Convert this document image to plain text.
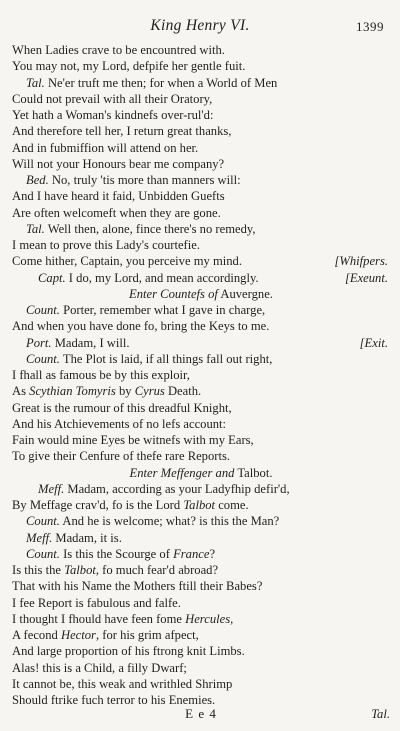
King Henry VI.	1399
When Ladies crave to be encountred with.
You may not, my Lord, defpife her gentle fuit.
Tal. Ne'er truft me then; for when a World of Men
Could not prevail with all their Oratory,
Yet hath a Woman's kindnefs over-rul'd:
And therefore tell her, I return great thanks,
And in fubmiffion will attend on her.
Will not your Honours bear me company?
Bed. No, truly 'tis more than manners will:
And I have heard it faid, Unbidden Guefts
Are often welcomeft when they are gone.
Tal. Well then, alone, fince there's no remedy,
I mean to prove this Lady's courtefie.
Come hither, Captain, you perceive my mind.	[Whifpers.
Capt. I do, my Lord, and mean accordingly.	[Exeunt.
Enter Countefs of Auvergne.
Count. Porter, remember what I gave in charge,
And when you have done fo, bring the Keys to me.
Port. Madam, I will.	[Exit.
Count. The Plot is laid, if all things fall out right,
I fhall as famous be by this exploir,
As Scythian Tomyris by Cyrus Death.
Great is the rumour of this dreadful Knight,
And his Atchievements of no lefs account:
Fain would mine Eyes be witnefs with my Ears,
To give their Cenfure of thefe rare Reports.
Enter Meffenger and Talbot.
Meff. Madam, according as your Ladyfhip defir'd,
By Meffage crav'd, fo is the Lord Talbot come.
Count. And he is welcome; what? is this the Man?
Meff. Madam, it is.
Count. Is this the Scourge of France?
Is this the Talbot, fo much fear'd abroad?
That with his Name the Mothers ftill their Babes?
I fee Report is fabulous and falfe.
I thought I fhould have feen fome Hercules,
A fecond Hector, for his grim afpect,
And large proportion of his ftrong knit Limbs.
Alas! this is a Child, a filly Dwarf;
It cannot be, this weak and writhled Shrimp
Should ftrike fuch terror to his Enemies.
E e 4	Tal.
